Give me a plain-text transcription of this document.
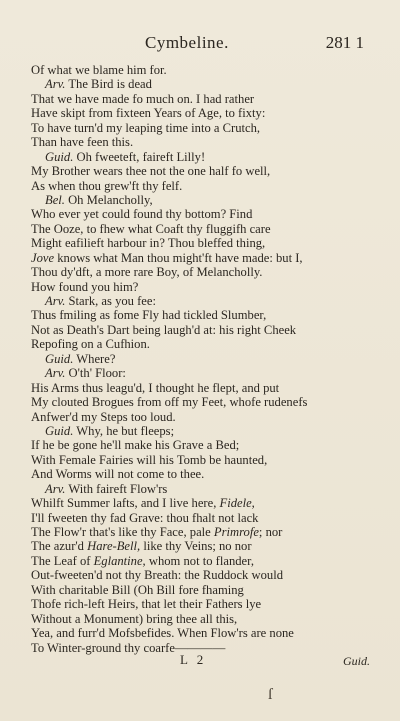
Cymbeline.	281 1
Of what we blame him for.
Arv. The Bird is dead
That we have made fo much on. I had rather
Have skipt from fixteen Years of Age, to fixty:
To have turn'd my leaping time into a Crutch,
Than have feen this.
Guid. Oh fweeteft, faireft Lilly!
My Brother wears thee not the one half fo well,
As when thou grew'ft thy felf.
Bel. Oh Melancholly,
Who ever yet could found thy bottom? Find
The Ooze, to fhew what Coaft thy fluggifh care
Might eafilieft harbour in? Thou bleffed thing,
Jove knows what Man thou might'ft have made: but I,
Thou dy'dft, a more rare Boy, of Melancholly.
How found you him?
Arv. Stark, as you fee:
Thus fmiling as fome Fly had tickled Slumber,
Not as Death's Dart being laugh'd at: his right Cheek
Repofing on a Cufhion.
Guid. Where?
Arv. O'th' Floor:
His Arms thus leagu'd, I thought he flept, and put
My clouted Brogues from off my Feet, whofe rudenefs
Anfwer'd my Steps too loud.
Guid. Why, he but fleeps;
If he be gone he'll make his Grave a Bed;
With Female Fairies will his Tomb be haunted,
And Worms will not come to thee.
Arv. With faireft Flow'rs
Whilft Summer lafts, and I live here, Fidele,
I'll fweeten thy fad Grave: thou fhalt not lack
The Flow'r that's like thy Face, pale Primrofe; nor
The azur'd Hare-Bell, like thy Veins; no nor
The Leaf of Eglantine, whom not to flander,
Out-fweeten'd not thy Breath: the Ruddock would
With charitable Bill (Oh Bill fore fhaming
Thofe rich-left Heirs, that let their Fathers lye
Without a Monument) bring thee all this,
Yea, and furr'd Mofsbefides. When Flow'rs are none
To Winter-ground thy coarfe————
L 2	Guid.
ſ
